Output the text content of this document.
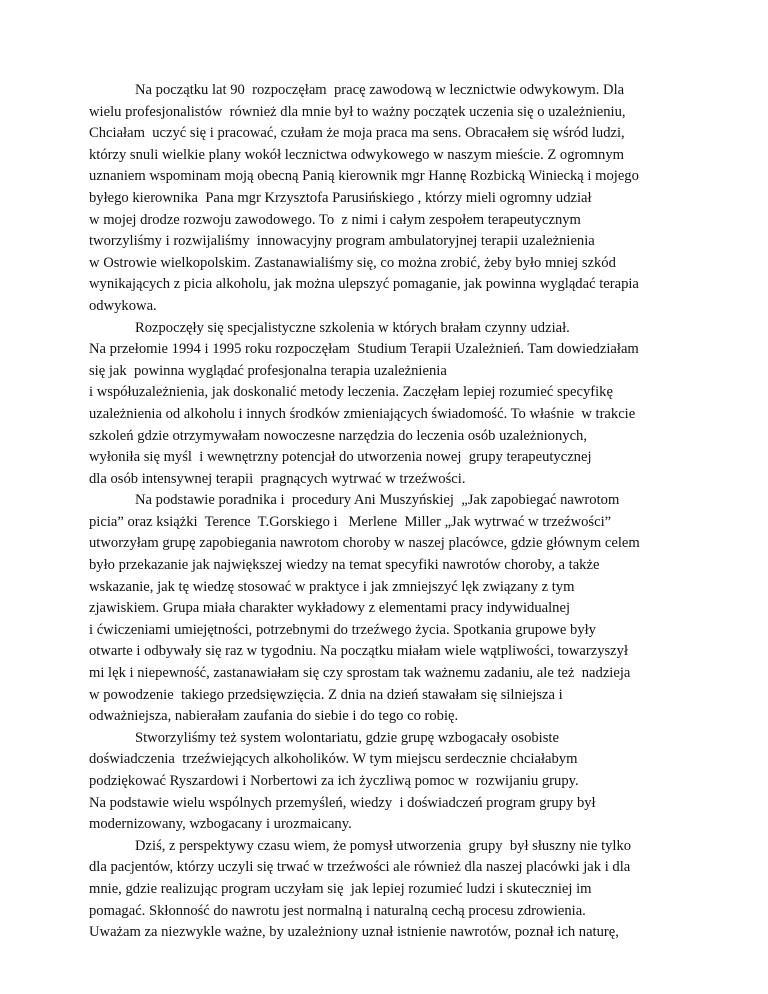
Na początku lat 90  rozpoczęłam  pracę zawodową w lecznictwie odwykowym. Dla
wielu profesjonalistów  również dla mnie był to ważny początek uczenia się o uzależnieniu,
Chciałam  uczyć się i pracować, czułam że moja praca ma sens. Obracałem się wśród ludzi,
którzy snuli wielkie plany wokół lecznictwa odwykowego w naszym mieście. Z ogromnym
uznaniem wspominam moją obecną Panią kierownik mgr Hannę Rozbicką Winiecką i mojego
byłego kierownika  Pana mgr Krzysztofa Parusińskiego , którzy mieli ogromny udział
w mojej drodze rozwoju zawodowego. To  z nimi i całym zespołem terapeutycznym
tworzyliśmy i rozwijaliśmy  innowacyjny program ambulatoryjnej terapii uzależnienia
w Ostrowie wielkopolskim. Zastanawialiśmy się, co można zrobić, żeby było mniej szkód
wynikających z picia alkoholu, jak można ulepszyć pomaganie, jak powinna wyglądać terapia
odwykowa.
Rozpoczęły się specjalistyczne szkolenia w których brałam czynny udział.
Na przełomie 1994 i 1995 roku rozpoczęłam  Studium Terapii Uzależnień. Tam dowiedziałam
się jak  powinna wyglądać profesjonalna terapia uzależnienia
i współuzależnienia, jak doskonalić metody leczenia. Zaczęłam lepiej rozumieć specyfikę
uzależnienia od alkoholu i innych środków zmieniających świadomość. To właśnie  w trakcie
szkoleń gdzie otrzymywałam nowoczesne narzędzia do leczenia osób uzależnionych,
wyłoniła się myśl  i wewnętrzny potencjał do utworzenia nowej  grupy terapeutycznej
dla osób intensywnej terapii  pragnących wytrwać w trzeźwości.
Na podstawie poradnika i  procedury Ani Muszyńskiej  „Jak zapobiegać nawrotom
picia” oraz książki  Terence  T.Gorskiego i   Merlene  Miller „Jak wytrwać w trzeźwości”
utworzyłam grupę zapobiegania nawrotom choroby w naszej placówce, gdzie głównym celem
było przekazanie jak największej wiedzy na temat specyfiki nawrotów choroby, a także
wskazanie, jak tę wiedzę stosować w praktyce i jak zmniejszyć lęk związany z tym
zjawiskiem. Grupa miała charakter wykładowy z elementami pracy indywidualnej
i ćwiczeniami umiejętności, potrzebnymi do trzeźwego życia. Spotkania grupowe były
otwarte i odbywały się raz w tygodniu. Na początku miałam wiele wątpliwości, towarzyszył
mi lęk i niepewność, zastanawiałam się czy sprostam tak ważnemu zadaniu, ale też  nadzieja
w powodzenie  takiego przedsięwzięcia. Z dnia na dzień stawałam się silniejsza i
odważniejsza, nabierałam zaufania do siebie i do tego co robię.
Stworzyliśmy też system wolontariatu, gdzie grupę wzbogacały osobiste
doświadczenia  trzeźwiejących alkoholików. W tym miejscu serdecznie chciałabym
podziękować Ryszardowi i Norbertowi za ich życzliwą pomoc w  rozwijaniu grupy.
Na podstawie wielu wspólnych przemyśleń, wiedzy  i doświadczeń program grupy był
modernizowany, wzbogacany i urozmaicany.
Dziś, z perspektywy czasu wiem, że pomysł utworzenia  grupy  był słuszny nie tylko
dla pacjentów, którzy uczyli się trwać w trzeźwości ale również dla naszej placówki jak i dla
mnie, gdzie realizując program uczyłam się  jak lepiej rozumieć ludzi i skuteczniej im
pomagać. Skłonność do nawrotu jest normalną i naturalną cechą procesu zdrowienia.
Uważam za niezwykle ważne, by uzależniony uznał istnienie nawrotów, poznał ich naturę,
